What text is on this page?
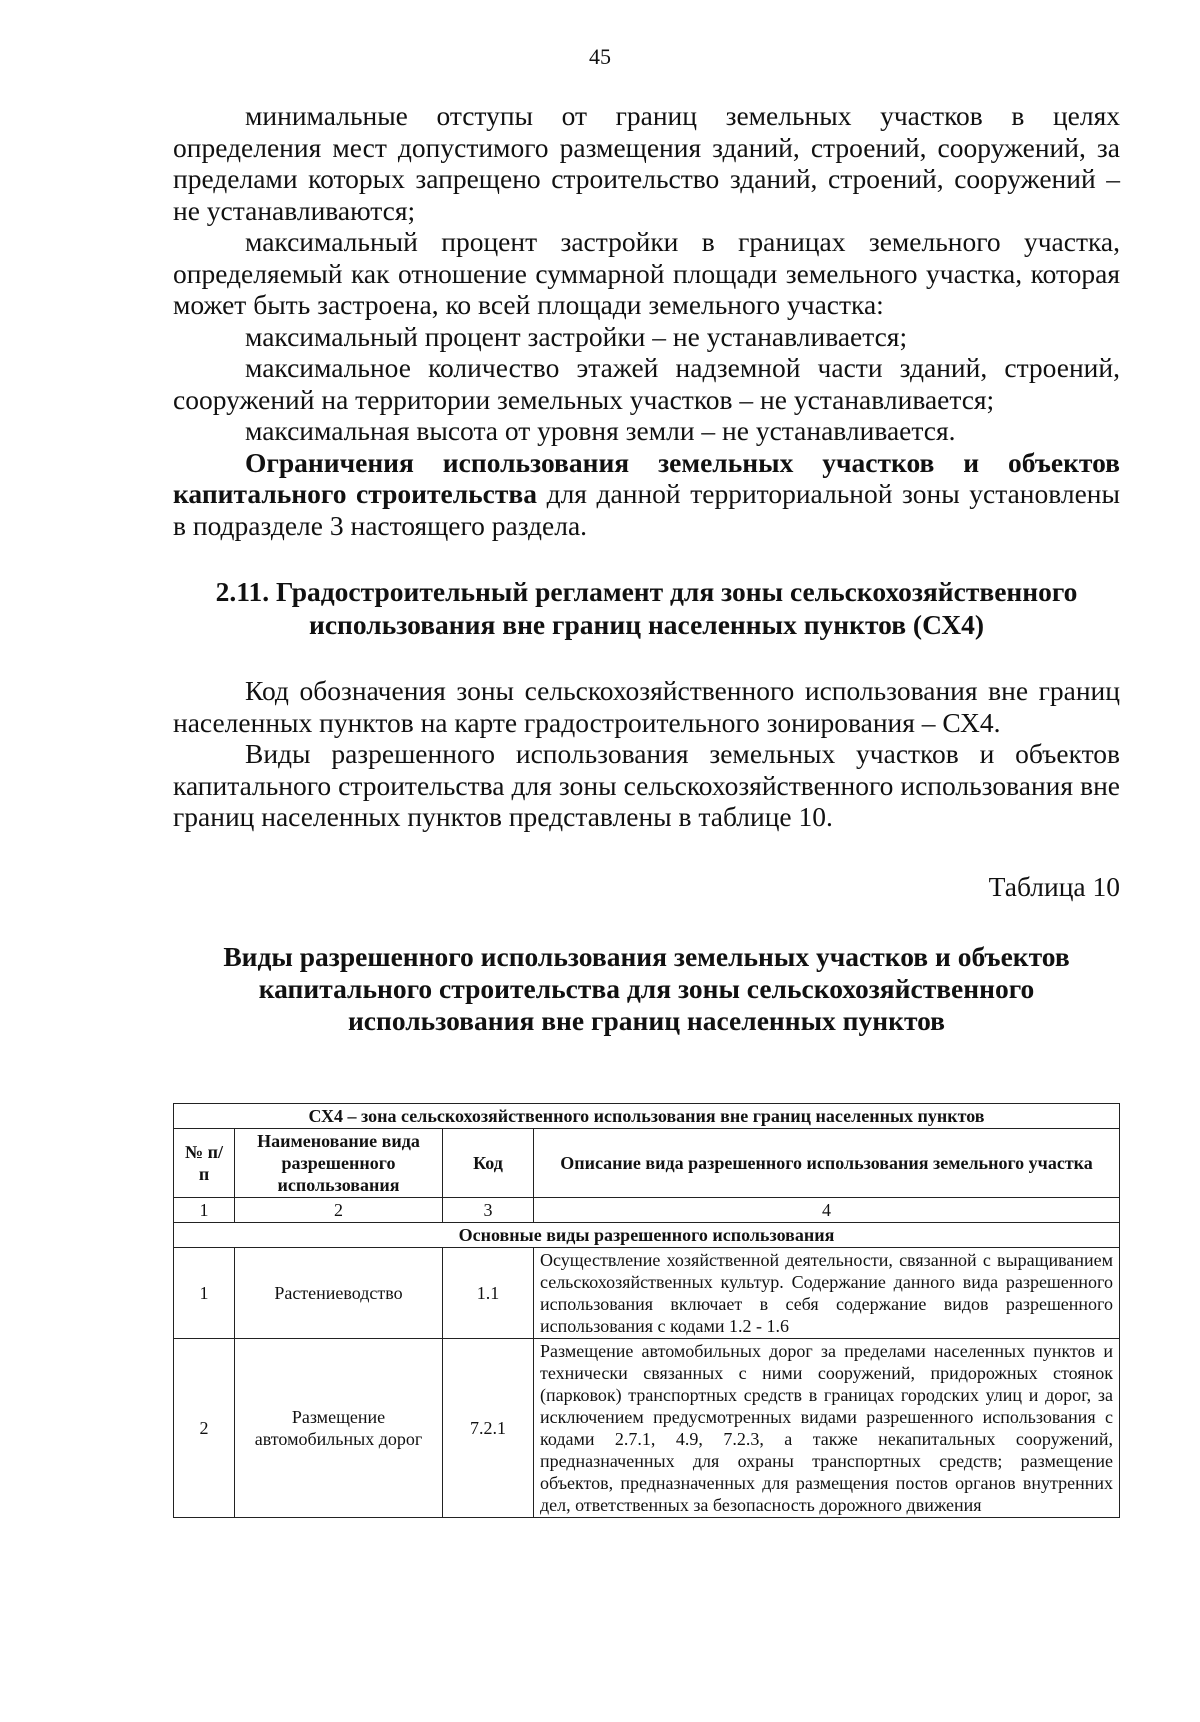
45

минимальные отступы от границ земельных участков в целях определения мест допустимого размещения зданий, строений, сооружений, за пределами которых запрещено строительство зданий, строений, сооружений – не устанавливаются;

максимальный процент застройки в границах земельного участка, определяемый как отношение суммарной площади земельного участка, которая может быть застроена, ко всей площади земельного участка:

максимальный процент застройки – не устанавливается;

максимальное количество этажей надземной части зданий, строений, сооружений на территории земельных участков – не устанавливается;

максимальная высота от уровня земли – не устанавливается.

Ограничения использования земельных участков и объектов капитального строительства для данной территориальной зоны установлены в подразделе 3 настоящего раздела.

2.11. Градостроительный регламент для зоны сельскохозяйственного использования вне границ населенных пунктов (СХ4)

Код обозначения зоны сельскохозяйственного использования вне границ населенных пунктов на карте градостроительного зонирования – СХ4.

Виды разрешенного использования земельных участков и объектов капитального строительства для зоны сельскохозяйственного использования вне границ населенных пунктов представлены в таблице 10.

Таблица 10
Виды разрешенного использования земельных участков и объектов капитального строительства для зоны сельскохозяйственного использования вне границ населенных пунктов
СХ4 – зона сельскохозяйственного использования вне границ населенных пунктов			
№ п/п	Наименование вида разрешенного использования	Код	Описание вида разрешенного использования земельного участка
1	2	3	4
Основные виды разрешенного использования			
1	Растениеводство	1.1	Осуществление хозяйственной деятельности, связанной с выращиванием сельскохозяйственных культур. Содержание данного вида разрешенного использования включает в себя содержание видов разрешенного использования с кодами 1.2 - 1.6
2	Размещение автомобильных дорог	7.2.1	Размещение автомобильных дорог за пределами населенных пунктов и технически связанных с ними сооружений, придорожных стоянок (парковок) транспортных средств в границах городских улиц и дорог, за исключением предусмотренных видами разрешенного использования с кодами 2.7.1, 4.9, 7.2.3, а также некапитальных сооружений, предназначенных для охраны транспортных средств; размещение объектов, предназначенных для размещения постов органов внутренних дел, ответственных за безопасность дорожного движения
